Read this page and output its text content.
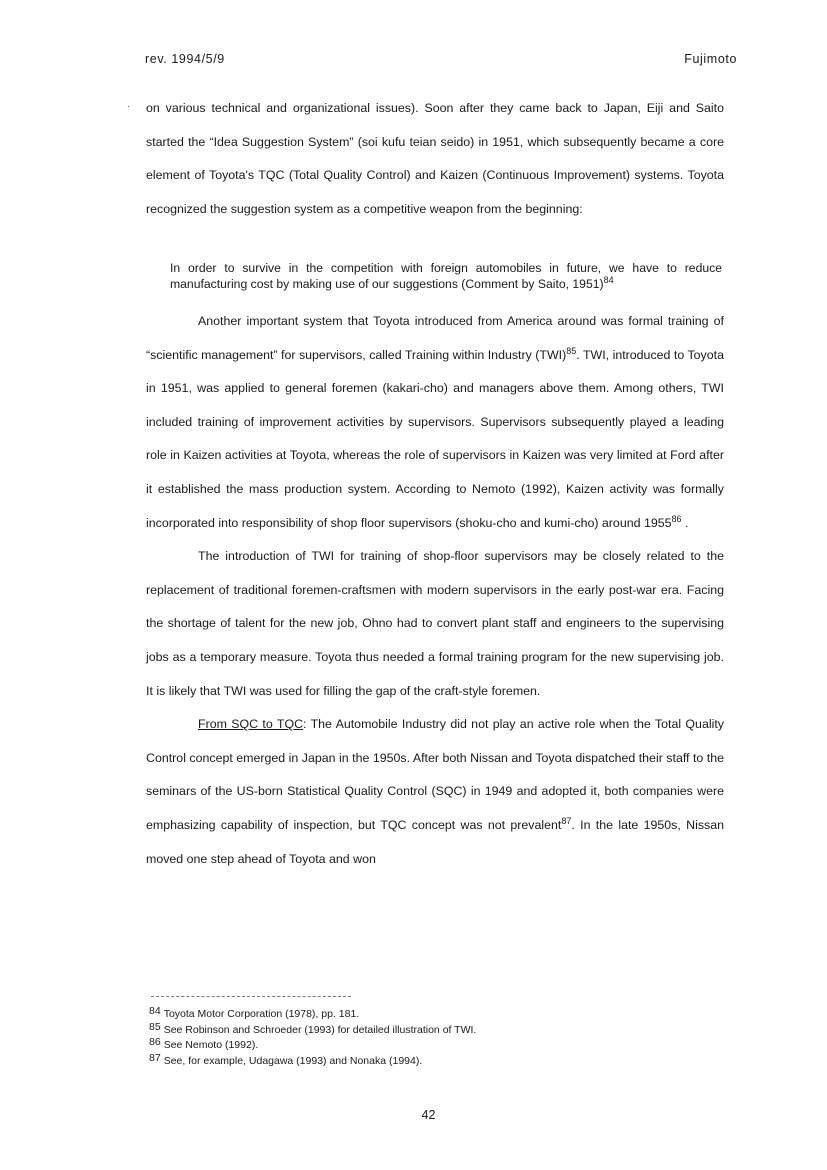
rev. 1994/5/9	Fujimoto
· on various technical and organizational issues). Soon after they came back to Japan, Eiji and Saito started the “Idea Suggestion System” (soi kufu teian seido) in 1951, which subsequently became a core element of Toyota's TQC (Total Quality Control) and Kaizen (Continuous Improvement) systems. Toyota recognized the suggestion system as a competitive weapon from the beginning:

In order to survive in the competition with foreign automobiles in future, we have to reduce manufacturing cost by making use of our suggestions (Comment by Saito, 1951)$^{84}$

Another important system that Toyota introduced from America around was formal training of “scientific management” for supervisors, called Training within Industry (TWI)$^{85}$. TWI, introduced to Toyota in 1951, was applied to general foremen (kakari-cho) and managers above them. Among others, TWI included training of improvement activities by supervisors. Supervisors subsequently played a leading role in Kaizen activities at Toyota, whereas the role of supervisors in Kaizen was very limited at Ford after it established the mass production system. According to Nemoto (1992), Kaizen activity was formally incorporated into responsibility of shop floor supervisors (shoku-cho and kumi-cho) around 1955$^{86}$ .

The introduction of TWI for training of shop-floor supervisors may be closely related to the replacement of traditional foremen-craftsmen with modern supervisors in the early post-war era. Facing the shortage of talent for the new job, Ohno had to convert plant staff and engineers to the supervising jobs as a temporary measure. Toyota thus needed a formal training program for the new supervising job. It is likely that TWI was used for filling the gap of the craft-style foremen.

From SQC to TQC: The Automobile Industry did not play an active role when the Total Quality Control concept emerged in Japan in the 1950s. After both Nissan and Toyota dispatched their staff to the seminars of the US-born Statistical Quality Control (SQC) in 1949 and adopted it, both companies were emphasizing capability of inspection, but TQC concept was not prevalent$^{87}$. In the late 1950s, Nissan moved one step ahead of Toyota and won

84 Toyota Motor Corporation (1978), pp. 181.
85 See Robinson and Schroeder (1993) for detailed illustration of TWI.
86 See Nemoto (1992).
87 See, for example, Udagawa (1993) and Nonaka (1994).
42
